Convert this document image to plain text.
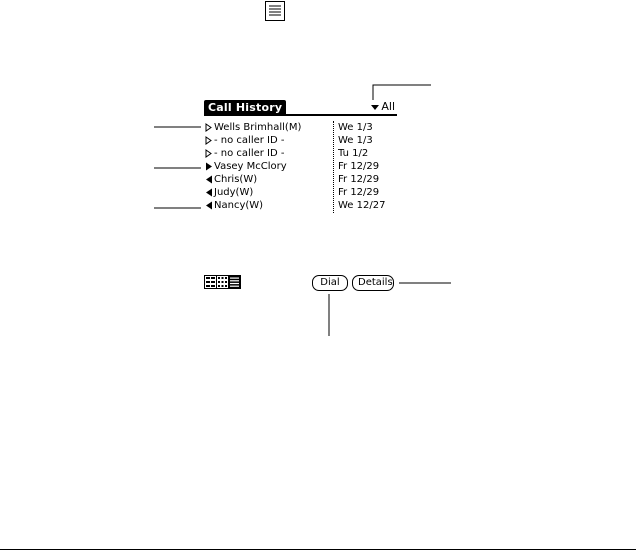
Call History	All
Wells Brimhall(M)	We 1/3
- no caller ID -	We 1/3
- no caller ID -	Tu 1/2
Vasey McClory	Fr 12/29
Chris(W)	Fr 12/29
Judy(W)	Fr 12/29
Nancy(W)	We 12/27
Dial	Details
